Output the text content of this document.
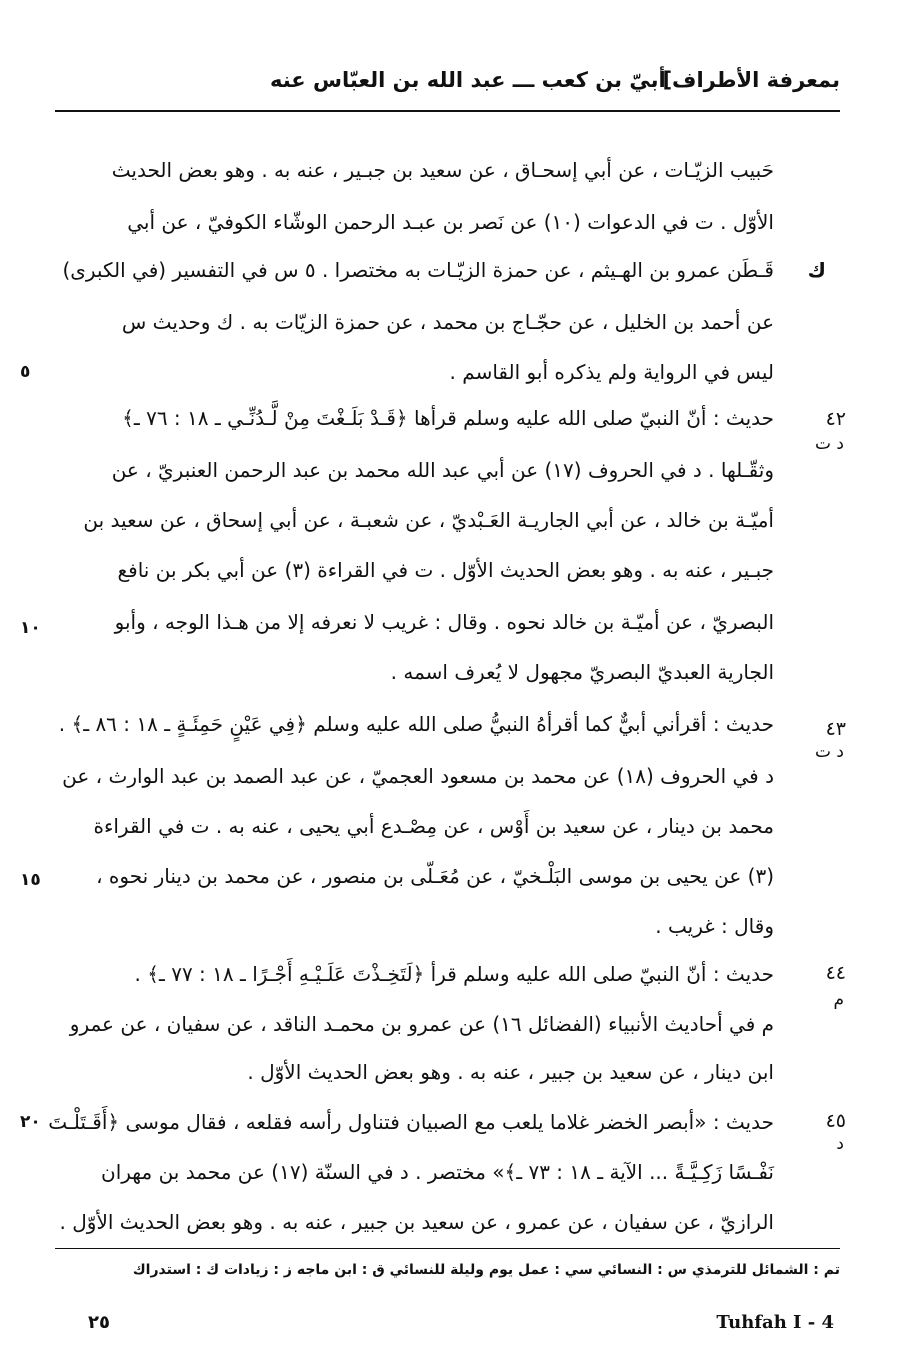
بمعرفة الأطراف]
أبيّ بن كعب ـــ عبد الله بن العبّاس عنه
حَبيب الزيّـات ، عن أبي إسحـاق ، عن سعيد بن جبـير ، عنه به . وهو بعض الحديث
الأوّل . ت في الدعوات (١٠) عن نَصر بن عبـد الرحمن الوشّاء الكوفيّ ، عن أبي
قَـطَن عمرو بن الهـيثم ، عن حمزة الزيّـات به مختصرا . ٥ س في التفسير (في الكبرى)
عن أحمد بن الخليل ، عن حجّـاج بن محمد ، عن حمزة الزيّات به . ك وحديث س
ليس في الرواية ولم يذكره أبو القاسم .
حديث : أنّ النبيّ صلى الله عليه وسلم قرأها ﴿قَـدْ بَلَـغْتَ مِنْ لَّـدُنِّـي ـ ١٨ : ٧٦ ـ﴾
وثقّـلها . د في الحروف (١٧) عن أبي عبد الله محمد بن عبد الرحمن العنبريّ ، عن
أميّـة بن خالد ، عن أبي الجاريـة العَـبْديّ ، عن شعبـة ، عن أبي إسحاق ، عن سعيد بن
جبـير ، عنه به . وهو بعض الحديث الأوّل . ت في القراءة (٣) عن أبي بكر بن نافع
البصريّ ، عن أميّـة بن خالد نحوه . وقال : غريب لا نعرفه إلا من هـذا الوجه ، وأبو
الجارية العبديّ البصريّ مجهول لا يُعرف اسمه .
حديث : أقرأني أبيٌّ كما أقرأهُ النبيُّ صلى الله عليه وسلم ﴿فِي عَيْنٍ حَمِئَـةٍ ـ ١٨ : ٨٦ ـ﴾ .
د في الحروف (١٨) عن محمد بن مسعود العجميّ ، عن عبد الصمد بن عبد الوارث ، عن
محمد بن دينار ، عن سعيد بن أَوْس ، عن مِصْـدع أبي يحيى ، عنه به . ت في القراءة
(٣) عن يحيى بن موسى البَلْـخيّ ، عن مُعَـلّى بن منصور ، عن محمد بن دينار نحوه ،
وقال : غريب .
حديث : أنّ النبيّ صلى الله عليه وسلم قرأ ﴿لَتَخِـذْتَ عَلَـيْـهِ أَجْـرًا ـ ١٨ : ٧٧ ـ﴾ .
م في أحاديث الأنبياء (الفضائل ١٦) عن عمرو بن محمـد الناقد ، عن سفيان ، عن عمرو
ابن دينار ، عن سعيد بن جبير ، عنه به . وهو بعض الحديث الأوّل .
حديث : «أبصر الخضر غلاما يلعب مع الصبيان فتناول رأسه فقلعه ، فقال موسى ﴿أَقَـتَلْـتَ
نَفْـسًا زَكِـيَّـةً ... الآية ـ ١٨ : ٧٣ ـ﴾» مختصر . د في السنّة (١٧) عن محمد بن مهران
الرازيّ ، عن سفيان ، عن عمرو ، عن سعيد بن جبير ، عنه به . وهو بعض الحديث الأوّل .
ك
٤٢
د ت
٤٣
د ت
٤٤
م
٤٥
د
٥
١٠
١٥
٢٠
تم : الشمائل للترمذي س : النسائي سي : عمل يوم وليلة للنسائي ق : ابن ماجه ز : زيادات ك : استدراك
٢٥	Tuhfah I - 4
